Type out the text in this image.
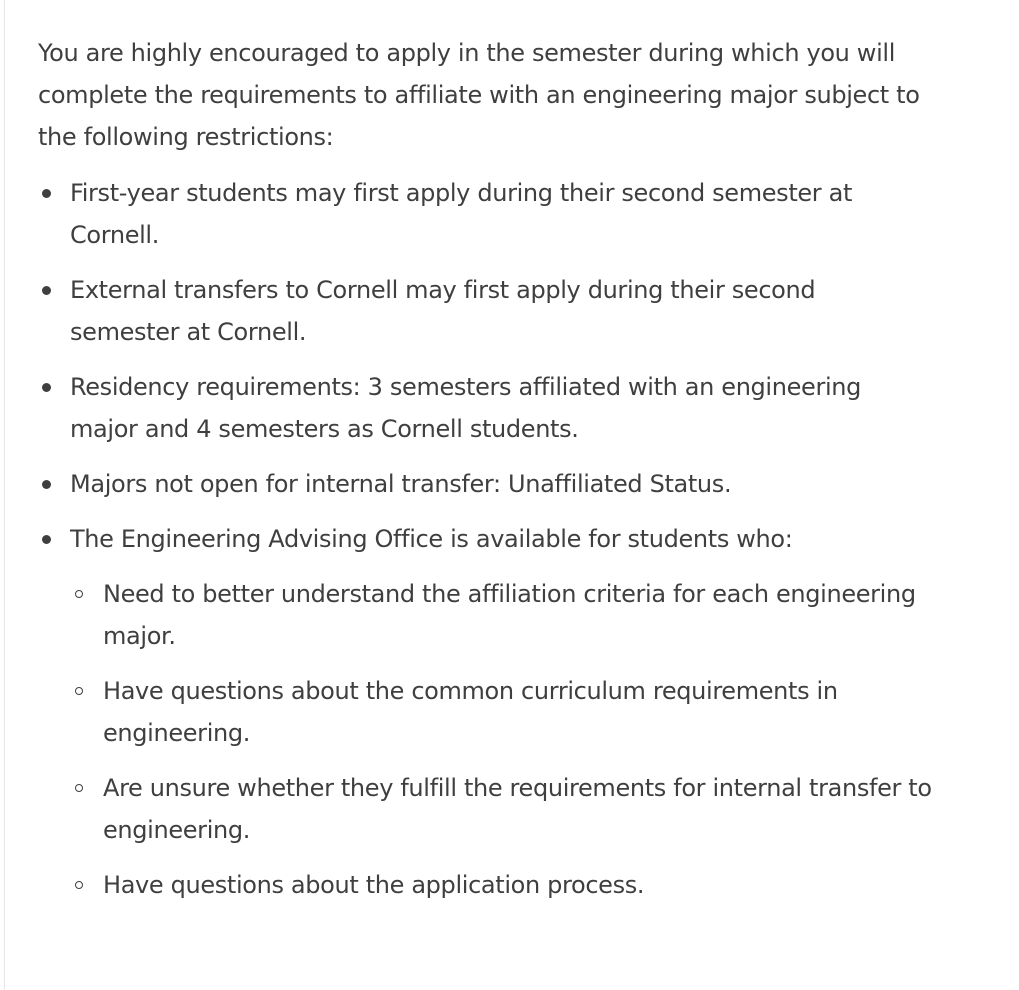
You are highly encouraged to apply in the semester during which you will complete the requirements to affiliate with an engineering major subject to the following restrictions:

First-year students may first apply during their second semester at Cornell.
External transfers to Cornell may first apply during their second semester at Cornell.
Residency requirements: 3 semesters affiliated with an engineering major and 4 semesters as Cornell students.
Majors not open for internal transfer: Unaffiliated Status.
The Engineering Advising Office is available for students who:
Need to better understand the affiliation criteria for each engineering major.
Have questions about the common curriculum requirements in engineering.
Are unsure whether they fulfill the requirements for internal transfer to engineering.
Have questions about the application process.
